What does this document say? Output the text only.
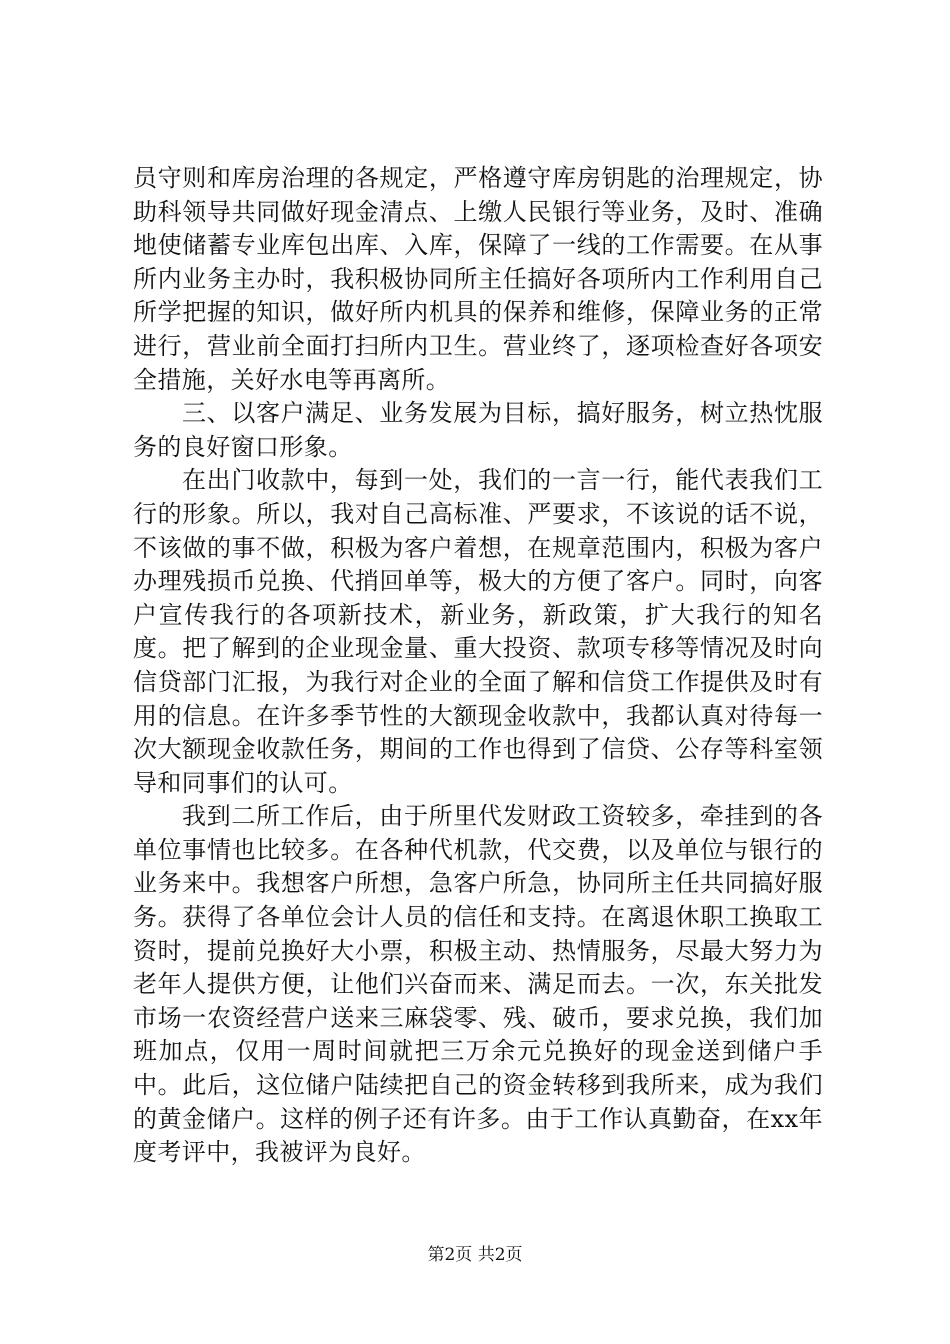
员守则和库房治理的各规定，严格遵守库房钥匙的治理规定，协助科领导共同做好现金清点、上缴人民银行等业务，及时、准确地使储蓄专业库包出库、入库，保障了一线的工作需要。在从事所内业务主办时，我积极协同所主任搞好各项所内工作利用自己所学把握的知识，做好所内机具的保养和维修，保障业务的正常进行，营业前全面打扫所内卫生。营业终了，逐项检查好各项安全措施，关好水电等再离所。

三、以客户满足、业务发展为目标，搞好服务，树立热忱服务的良好窗口形象。

在出门收款中，每到一处，我们的一言一行，能代表我们工行的形象。所以，我对自己高标准、严要求，不该说的话不说，不该做的事不做，积极为客户着想，在规章范围内，积极为客户办理残损币兑换、代捎回单等，极大的方便了客户。同时，向客户宣传我行的各项新技术，新业务，新政策，扩大我行的知名度。把了解到的企业现金量、重大投资、款项专移等情况及时向信贷部门汇报，为我行对企业的全面了解和信贷工作提供及时有用的信息。在许多季节性的大额现金收款中，我都认真对待每一次大额现金收款任务，期间的工作也得到了信贷、公存等科室领导和同事们的认可。

我到二所工作后，由于所里代发财政工资较多，牵挂到的各单位事情也比较多。在各种代机款，代交费，以及单位与银行的业务来中。我想客户所想，急客户所急，协同所主任共同搞好服务。获得了各单位会计人员的信任和支持。在离退休职工换取工资时，提前兑换好大小票，积极主动、热情服务，尽最大努力为老年人提供方便，让他们兴奋而来、满足而去。一次，东关批发市场一农资经营户送来三麻袋零、残、破币，要求兑换，我们加班加点，仅用一周时间就把三万余元兑换好的现金送到储户手中。此后，这位储户陆续把自己的资金转移到我所来，成为我们的黄金储户。这样的例子还有许多。由于工作认真勤奋，在xx年度考评中，我被评为良好。

第2页 共2页
